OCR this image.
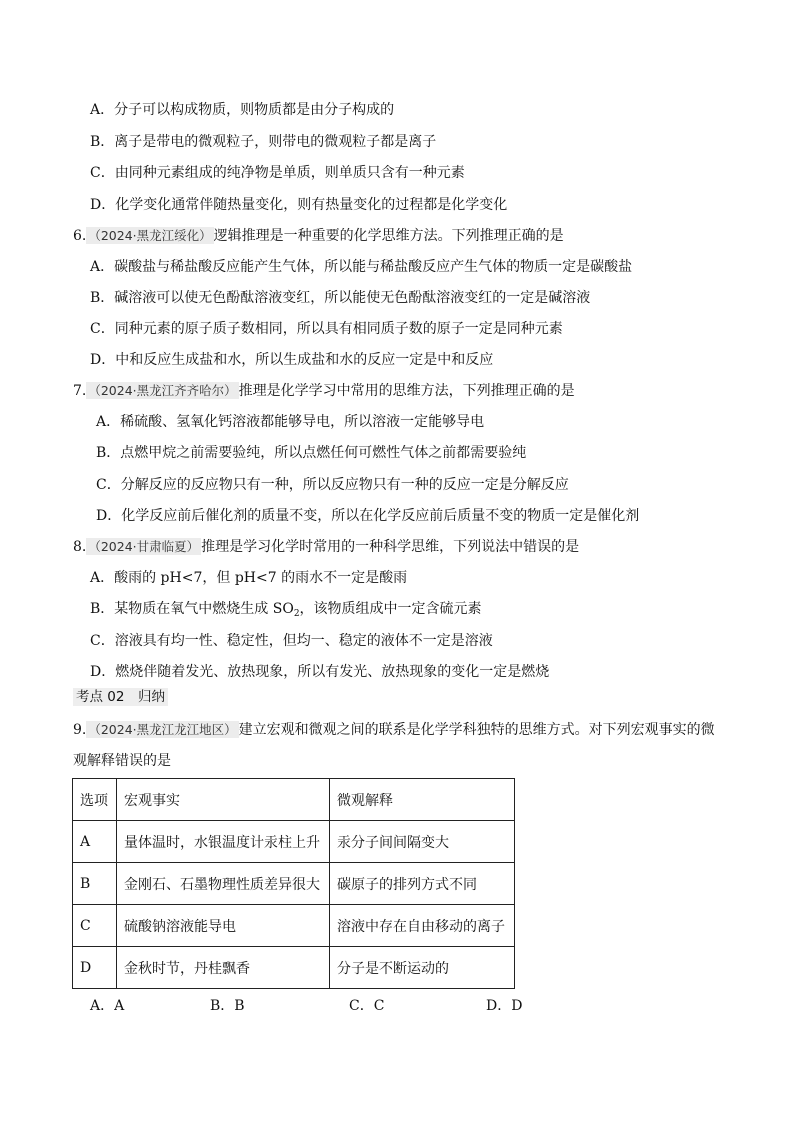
A．分子可以构成物质，则物质都是由分子构成的
B．离子是带电的微观粒子，则带电的微观粒子都是离子
C．由同种元素组成的纯净物是单质，则单质只含有一种元素
D．化学变化通常伴随热量变化，则有热量变化的过程都是化学变化
6. （2024·黑龙江绥化） 逻辑推理是一种重要的化学思维方法。下列推理正确的是
A．碳酸盐与稀盐酸反应能产生气体，所以能与稀盐酸反应产生气体的物质一定是碳酸盐
B．碱溶液可以使无色酚酞溶液变红，所以能使无色酚酞溶液变红的一定是碱溶液
C．同种元素的原子质子数相同，所以具有相同质子数的原子一定是同种元素
D．中和反应生成盐和水，所以生成盐和水的反应一定是中和反应
7. （2024·黑龙江齐齐哈尔） 推理是化学学习中常用的思维方法，下列推理正确的是
A．稀硫酸、氢氧化钙溶液都能够导电，所以溶液一定能够导电
B．点燃甲烷之前需要验纯，所以点燃任何可燃性气体之前都需要验纯
C．分解反应的反应物只有一种，所以反应物只有一种的反应一定是分解反应
D．化学反应前后催化剂的质量不变，所以在化学反应前后质量不变的物质一定是催化剂
8. （2024·甘肃临夏） 推理是学习化学时常用的一种科学思维，下列说法中错误的是
A．酸雨的 pH<7，但 pH<7 的雨水不一定是酸雨
B．某物质在氧气中燃烧生成 $SO_2$，该物质组成中一定含硫元素
C．溶液具有均一性、稳定性，但均一、稳定的液体不一定是溶液
D．燃烧伴随着发光、放热现象，所以有发光、放热现象的变化一定是燃烧
考点 02　归纳
9. （2024·黑龙江龙江地区） 建立宏观和微观之间的联系是化学学科独特的思维方式。对下列宏观事实的微
观解释错误的是
选项	宏观事实	微观解释
A	量体温时，水银温度计汞柱上升	汞分子间间隔变大
B	金刚石、石墨物理性质差异很大	碳原子的排列方式不同
C	硫酸钠溶液能导电	溶液中存在自由移动的离子
D	金秋时节，丹桂飘香	分子是不断运动的
A．A	B．B	C．C	D．D
